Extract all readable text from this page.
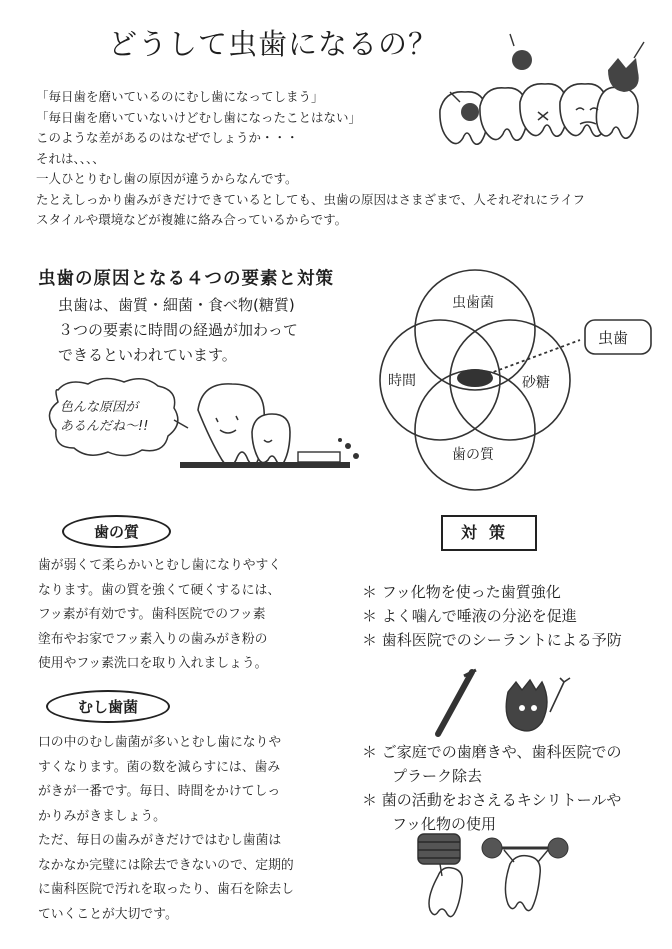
どうして虫歯になるの？
「毎日歯を磨いているのにむし歯になってしまう」
「毎日歯を磨いていないけどむし歯になったことはない」
このような差があるのはなぜでしょうか・・・
それは、、、、
一人ひとりむし歯の原因が違うからなんです。
たとえしっかり歯みがきだけできているとしても、虫歯の原因はさまざまで、人それぞれにライフ
スタイルや環境などが複雑に絡み合っているからです。
虫歯の原因となる４つの要素と対策
虫歯は、歯質・細菌・食べ物(糖質)
３つの要素に時間の経過が加わって
できるといわれています。
色んな原因が
あるんだね～!!
虫歯菌
時間	砂糖
歯の質
虫歯
歯の質
歯が弱くて柔らかいとむし歯になりやすく
なります。歯の質を強くて硬くするには、
フッ素が有効です。歯科医院でのフッ素
塗布やお家でフッ素入りの歯みがき粉の
使用やフッ素洗口を取り入れましょう。
むし歯菌
口の中のむし歯菌が多いとむし歯になりや
すくなります。菌の数を減らすには、歯み
がきが一番です。毎日、時間をかけてしっ
かりみがきましょう。
ただ、毎日の歯みがきだけではむし歯菌は
なかなか完璧には除去できないので、定期的
に歯科医院で汚れを取ったり、歯石を除去し
ていくことが大切です。
対策
＊ フッ化物を使った歯質強化
＊ よく噛んで唾液の分泌を促進
＊ 歯科医院でのシーラントによる予防
＊ ご家庭での歯磨きや、歯科医院での
　　プラーク除去
＊ 菌の活動をおさえるキシリトールや
　　フッ化物の使用
